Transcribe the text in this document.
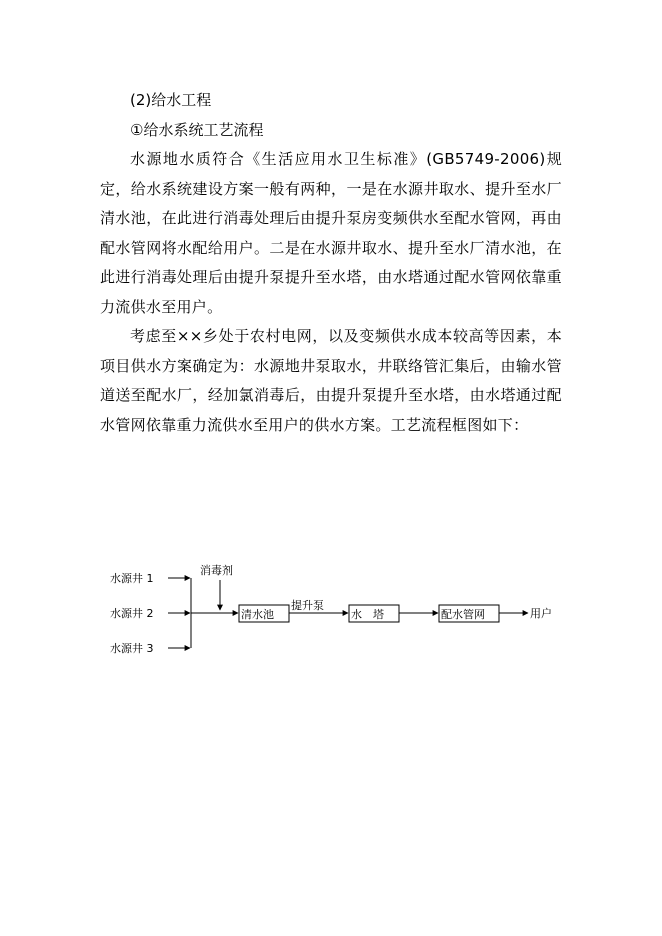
(2)给水工程

①给水系统工艺流程

水源地水质符合《生活应用水卫生标准》(GB5749-2006)规定，给水系统建设方案一般有两种，一是在水源井取水、提升至水厂清水池，在此进行消毒处理后由提升泵房变频供水至配水管网，再由配水管网将水配给用户。二是在水源井取水、提升至水厂清水池，在此进行消毒处理后由提升泵提升至水塔，由水塔通过配水管网依靠重力流供水至用户。

考虑至××乡处于农村电网，以及变频供水成本较高等因素，本项目供水方案确定为：水源地井泵取水，井联络管汇集后，由输水管道送至配水厂，经加氯消毒后，由提升泵提升至水塔，由水塔通过配水管网依靠重力流供水至用户的供水方案。工艺流程框图如下：

水源井 1
水源井 2
水源井 3
消毒剂
清水池
提升泵
水　塔	配水管网	用户
